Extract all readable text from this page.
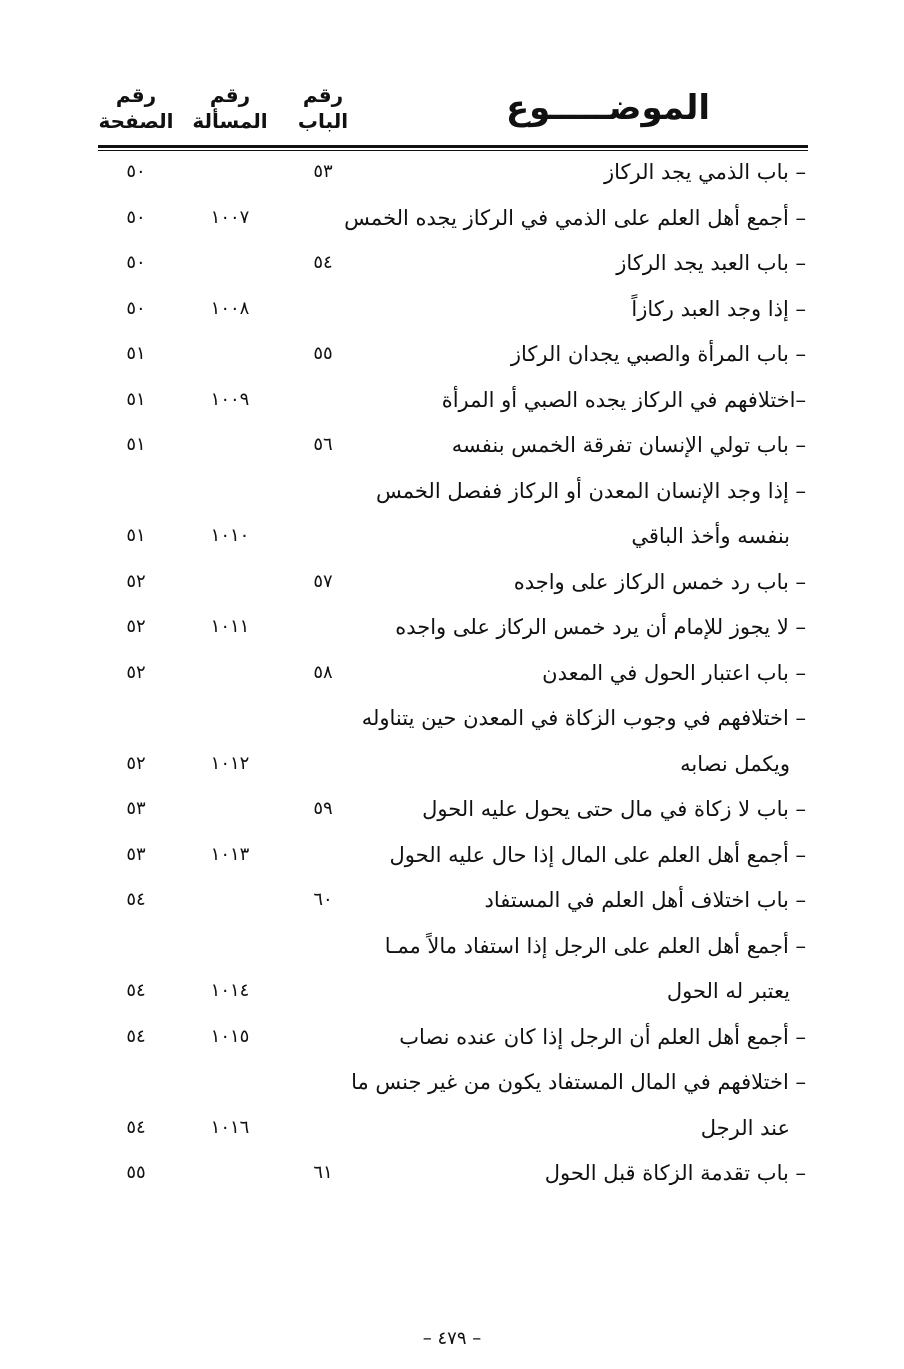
رقم
الصفحة
رقم
المسألة
رقم
الباب	الموضـــــوع
– باب الذمي يجد الركاز
٥٣
٥٠
– أجمع أهل العلم على الذمي في الركاز يجده الخمس
١٠٠٧
٥٠
– باب العبد يجد الركاز
٥٤
٥٠
– إذا وجد العبد ركازاً
١٠٠٨
٥٠
– باب المرأة والصبي يجدان الركاز
٥٥
٥١
–اختلافهم في الركاز يجده الصبي أو المرأة
١٠٠٩
٥١
– باب تولي الإنسان تفرقة الخمس بنفسه
٥٦
٥١
– إذا وجد الإنسان المعدن أو الركاز ففصل الخمس
بنفسه وأخذ الباقي
١٠١٠
٥١
– باب رد خمس الركاز على واجده
٥٧
٥٢
– لا يجوز للإمام أن يرد خمس الركاز على واجده
١٠١١
٥٢
– باب اعتبار الحول في المعدن
٥٨
٥٢
– اختلافهم في وجوب الزكاة في المعدن حين يتناوله
ويكمل نصابه
١٠١٢
٥٢
– باب لا زكاة في مال حتى يحول عليه الحول
٥٩
٥٣
– أجمع أهل العلم على المال إذا حال عليه الحول
١٠١٣
٥٣
– باب اختلاف أهل العلم في المستفاد
٦٠
٥٤
– أجمع أهل العلم على الرجل إذا استفاد مالاً ممـا
يعتبر له الحول
١٠١٤
٥٤
– أجمع أهل العلم أن الرجل إذا كان عنده نصاب
١٠١٥
٥٤
– اختلافهم في المال المستفاد يكون من غير جنس ما
عند الرجل
١٠١٦
٥٤
– باب تقدمة الزكاة قبل الحول
٦١
٥٥
– ٤٧٩ –
